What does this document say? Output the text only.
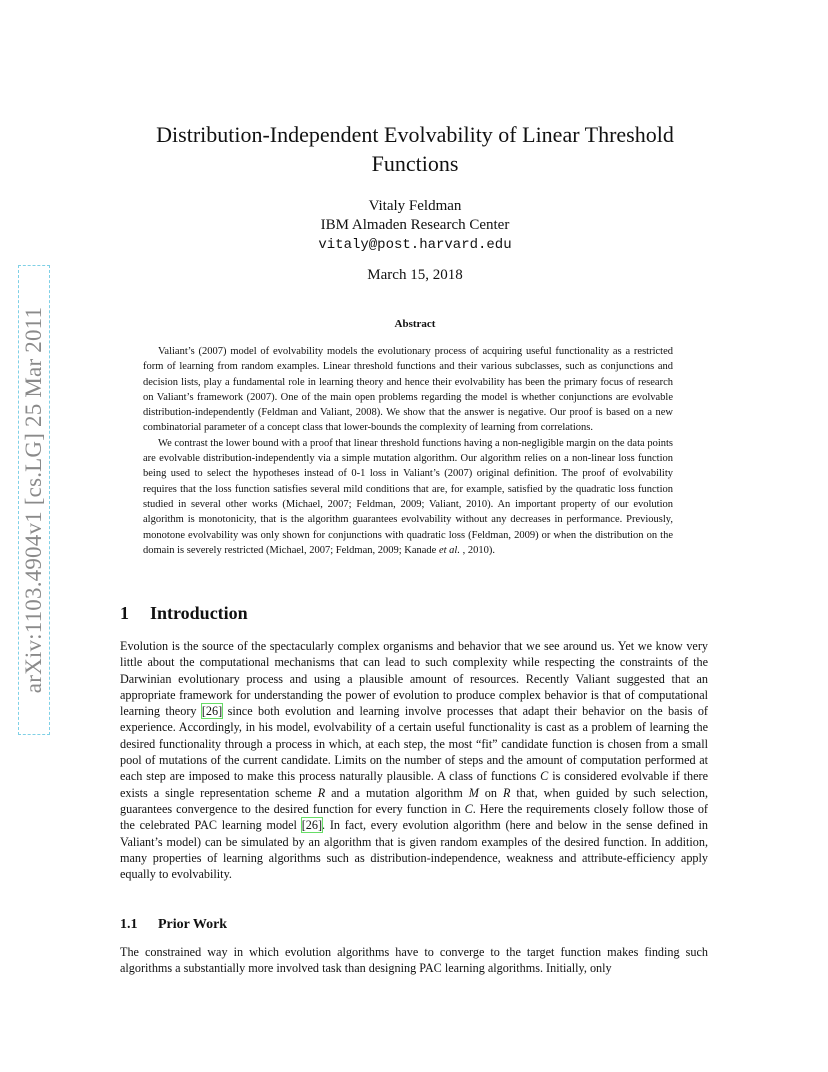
arXiv:1103.4904v1 [cs.LG] 25 Mar 2011
Distribution-Independent Evolvability of Linear Threshold
Functions
Vitaly Feldman
IBM Almaden Research Center
vitaly@post.harvard.edu
March 15, 2018
Abstract

Valiant’s (2007) model of evolvability models the evolutionary process of acquiring useful functionality as a restricted form of learning from random examples. Linear threshold functions and their various subclasses, such as conjunctions and decision lists, play a fundamental role in learning theory and hence their evolvability has been the primary focus of research on Valiant’s framework (2007). One of the main open problems regarding the model is whether conjunctions are evolvable distribution-independently (Feldman and Valiant, 2008). We show that the answer is negative. Our proof is based on a new combinatorial parameter of a concept class that lower-bounds the complexity of learning from correlations.

We contrast the lower bound with a proof that linear threshold functions having a non-negligible margin on the data points are evolvable distribution-independently via a simple mutation algorithm. Our algorithm relies on a non-linear loss function being used to select the hypotheses instead of 0-1 loss in Valiant’s (2007) original definition. The proof of evolvability requires that the loss function satisfies several mild conditions that are, for example, satisfied by the quadratic loss function studied in several other works (Michael, 2007; Feldman, 2009; Valiant, 2010). An important property of our evolution algorithm is monotonicity, that is the algorithm guarantees evolvability without any decreases in performance. Previously, monotone evolvability was only shown for conjunctions with quadratic loss (Feldman, 2009) or when the distribution on the domain is severely restricted (Michael, 2007; Feldman, 2009; Kanade et al. , 2010).

1 Introduction

Evolution is the source of the spectacularly complex organisms and behavior that we see around us. Yet we know very little about the computational mechanisms that can lead to such complexity while respecting the constraints of the Darwinian evolutionary process and using a plausible amount of resources. Recently Valiant suggested that an appropriate framework for understanding the power of evolution to produce complex behavior is that of computational learning theory [26] since both evolution and learning involve processes that adapt their behavior on the basis of experience. Accordingly, in his model, evolvability of a certain useful functionality is cast as a problem of learning the desired functionality through a process in which, at each step, the most “fit” candidate function is chosen from a small pool of mutations of the current candidate. Limits on the number of steps and the amount of computation performed at each step are imposed to make this process naturally plausible. A class of functions C is considered evolvable if there exists a single representation scheme R and a mutation algorithm M on R that, when guided by such selection, guarantees convergence to the desired function for every function in C. Here the requirements closely follow those of the celebrated PAC learning model [26]. In fact, every evolution algorithm (here and below in the sense defined in Valiant’s model) can be simulated by an algorithm that is given random examples of the desired function. In addition, many properties of learning algorithms such as distribution-independence, weakness and attribute-efficiency apply equally to evolvability.

1.1 Prior Work

The constrained way in which evolution algorithms have to converge to the target function makes finding such algorithms a substantially more involved task than designing PAC learning algorithms. Initially, only
